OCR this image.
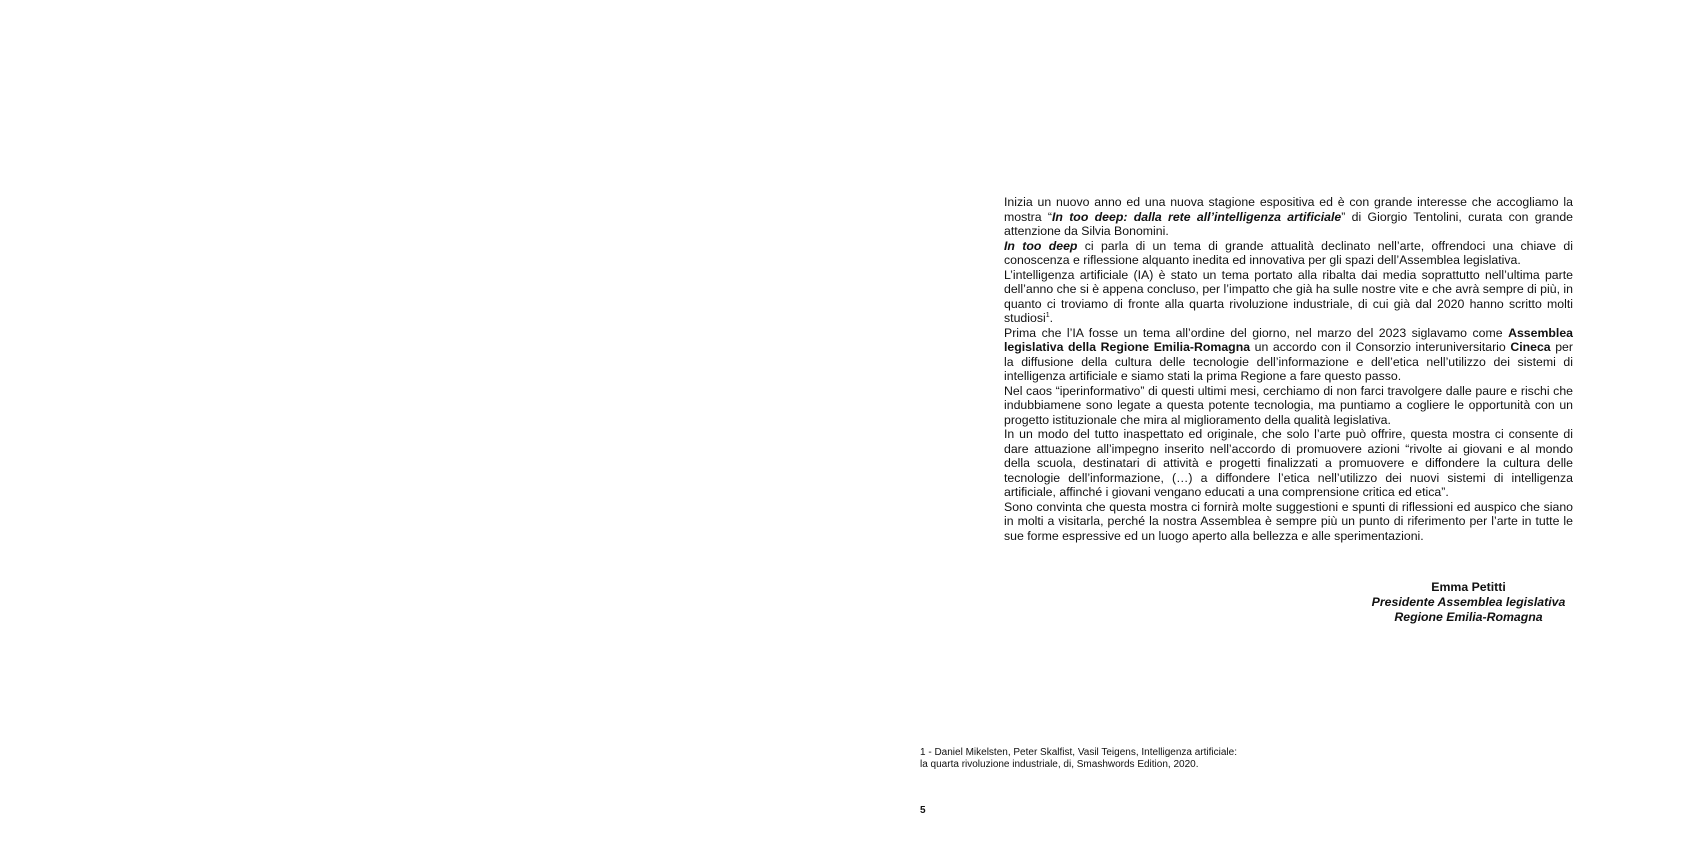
Inizia un nuovo anno ed una nuova stagione espositiva ed è con grande interesse che accogliamo la mostra “In too deep: dalla rete all’intelligenza artificiale” di Giorgio Tentolini, curata con grande attenzione da Silvia Bonomini.

In too deep ci parla di un tema di grande attualità declinato nell’arte, offrendoci una chiave di conoscenza e riflessione alquanto inedita ed innovativa per gli spazi dell’Assemblea legislativa.

L’intelligenza artificiale (IA) è stato un tema portato alla ribalta dai media soprattutto nell’ultima parte dell’anno che si è appena concluso, per l’impatto che già ha sulle nostre vite e che avrà sempre di più, in quanto ci troviamo di fronte alla quarta rivoluzione industriale, di cui già dal 2020 hanno scritto molti studiosi$^1$.

Prima che l’IA fosse un tema all’ordine del giorno, nel marzo del 2023 siglavamo come Assemblea legislativa della Regione Emilia-Romagna un accordo con il Consorzio interuniversitario Cineca per la diffusione della cultura delle tecnologie dell’informazione e dell’etica nell’utilizzo dei sistemi di intelligenza artificiale e siamo stati la prima Regione a fare questo passo.

Nel caos “iperinformativo” di questi ultimi mesi, cerchiamo di non farci travolgere dalle paure e rischi che indubbiamene sono legate a questa potente tecnologia, ma puntiamo a cogliere le opportunità con un progetto istituzionale che mira al miglioramento della qualità legislativa.

In un modo del tutto inaspettato ed originale, che solo l’arte può offrire, questa mostra ci consente di dare attuazione all’impegno inserito nell’accordo di promuovere azioni “rivolte ai giovani e al mondo della scuola, destinatari di attività e progetti finalizzati a promuovere e diffondere la cultura delle tecnologie dell’informazione, (…) a diffondere l’etica nell’utilizzo dei nuovi sistemi di intelligenza artificiale, affinché i giovani vengano educati a una comprensione critica ed etica”.

Sono convinta che questa mostra ci fornirà molte suggestioni e spunti di riflessioni ed auspico che siano in molti a visitarla, perché la nostra Assemblea è sempre più un punto di riferimento per l’arte in tutte le sue forme espressive ed un luogo aperto alla bellezza e alle sperimentazioni.

Emma Petitti
Presidente Assemblea legislativa
Regione Emilia-Romagna
1 - Daniel Mikelsten, Peter Skalfist, Vasil Teigens, Intelligenza artificiale:
la quarta rivoluzione industriale, di, Smashwords Edition, 2020.
5
